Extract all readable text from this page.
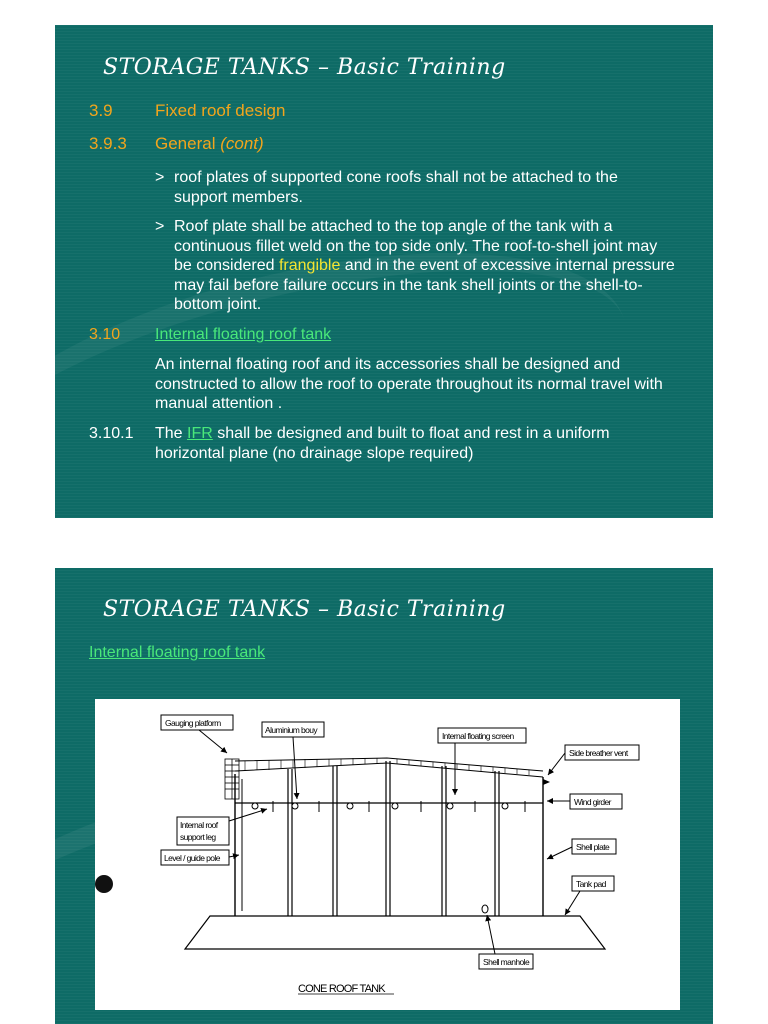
STORAGE TANKS – Basic Training
3.9 Fixed roof design
3.9.3 General (cont)
> roof plates of supported cone roofs shall not be attached to the support members.
> Roof plate shall be attached to the top angle of the tank with a continuous fillet weld on the top side only. The roof-to-shell joint may be considered frangible and in the event of excessive internal pressure may fail before failure occurs in the tank shell joints or the shell-to-bottom joint.
3.10 Internal floating roof tank
An internal floating roof and its accessories shall be designed and constructed to allow the roof to operate throughout its normal travel with manual attention .
3.10.1 The IFR shall be designed and built to float and rest in a uniform horizontal plane (no drainage slope required)
STORAGE TANKS – Basic Training
Internal floating roof tank
Gauging platform
Aluminium bouy
Internal floating screen
Side breather vent
Wind girder
Internal roof
support leg
Level / guide pole
Shell plate
Tank pad
Shell manhole
CONE ROOF TANK
